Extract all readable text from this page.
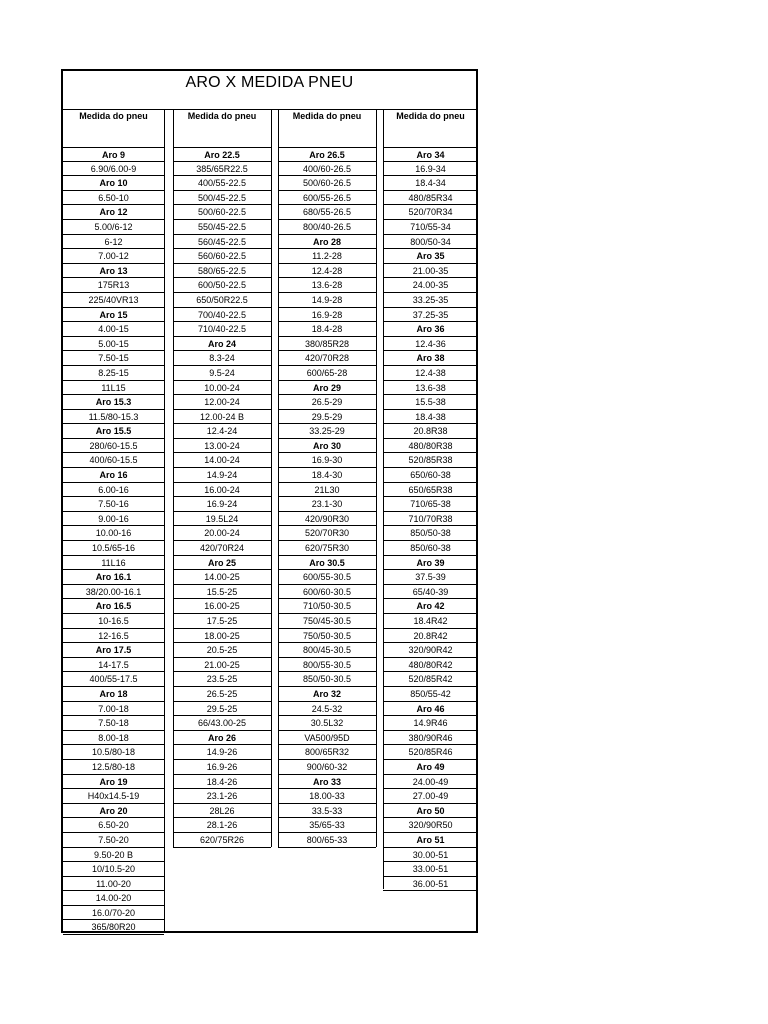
ARO X MEDIDA PNEU
Medida do pneu
Aro 9
6.90/6.00-9
Aro 10
6.50-10
Aro 12
5.00/6-12
6-12
7.00-12
Aro 13
175R13
225/40VR13
Aro 15
4.00-15
5.00-15
7.50-15
8.25-15
11L15
Aro 15.3
11.5/80-15.3
Aro 15.5
280/60-15.5
400/60-15.5
Aro 16
6.00-16
7.50-16
9.00-16
10.00-16
10.5/65-16
11L16
Aro 16.1
38/20.00-16.1
Aro 16.5
10-16.5
12-16.5
Aro 17.5
14-17.5
400/55-17.5
Aro 18
7.00-18
7.50-18
8.00-18
10.5/80-18
12.5/80-18
Aro 19
H40x14.5-19
Aro 20
6.50-20
7.50-20
9.50-20 B
10/10.5-20
11.00-20
14.00-20
16.0/70-20
365/80R20
Medida do pneu
Aro 22.5
385/65R22.5
400/55-22.5
500/45-22.5
500/60-22.5
550/45-22.5
560/45-22.5
560/60-22.5
580/65-22.5
600/50-22.5
650/50R22.5
700/40-22.5
710/40-22.5
Aro 24
8.3-24
9.5-24
10.00-24
12.00-24
12.00-24 B
12.4-24
13.00-24
14.00-24
14.9-24
16.00-24
16.9-24
19.5L24
20.00-24
420/70R24
Aro 25
14.00-25
15.5-25
16.00-25
17.5-25
18.00-25
20.5-25
21.00-25
23.5-25
26.5-25
29.5-25
66/43.00-25
Aro 26
14.9-26
16.9-26
18.4-26
23.1-26
28L26
28.1-26
620/75R26
Medida do pneu
Aro 26.5
400/60-26.5
500/60-26.5
600/55-26.5
680/55-26.5
800/40-26.5
Aro 28
11.2-28
12.4-28
13.6-28
14.9-28
16.9-28
18.4-28
380/85R28
420/70R28
600/65-28
Aro 29
26.5-29
29.5-29
33.25-29
Aro 30
16.9-30
18.4-30
21L30
23.1-30
420/90R30
520/70R30
620/75R30
Aro 30.5
600/55-30.5
600/60-30.5
710/50-30.5
750/45-30.5
750/50-30.5
800/45-30.5
800/55-30.5
850/50-30.5
Aro 32
24.5-32
30.5L32
VA500/95D
800/65R32
900/60-32
Aro 33
18.00-33
33.5-33
35/65-33
800/65-33
Medida do pneu
Aro 34
16.9-34
18.4-34
480/85R34
520/70R34
710/55-34
800/50-34
Aro 35
21.00-35
24.00-35
33.25-35
37.25-35
Aro 36
12.4-36
Aro 38
12.4-38
13.6-38
15.5-38
18.4-38
20.8R38
480/80R38
520/85R38
650/60-38
650/65R38
710/65-38
710/70R38
850/50-38
850/60-38
Aro 39
37.5-39
65/40-39
Aro 42
18.4R42
20.8R42
320/90R42
480/80R42
520/85R42
850/55-42
Aro 46
14.9R46
380/90R46
520/85R46
Aro 49
24.00-49
27.00-49
Aro 50
320/90R50
Aro 51
30.00-51
33.00-51
36.00-51
